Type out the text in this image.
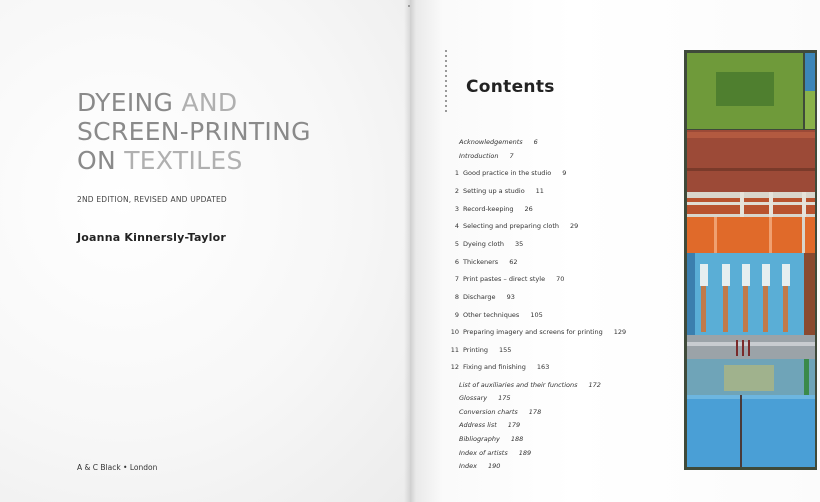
DYEING AND
SCREEN-PRINTING
ON TEXTILES
2ND EDITION, REVISED AND UPDATED
Joanna Kinnersly-Taylor
A & C Black • London
Contents
Acknowledgements 6
Introduction 7
1 Good practice in the studio 9
2 Setting up a studio 11
3 Record-keeping 26
4 Selecting and preparing cloth 29
5 Dyeing cloth 35
6 Thickeners 62
7 Print pastes – direct style 70
8 Discharge 93
9 Other techniques 105
10 Preparing imagery and screens for printing 129
11 Printing 155
12 Fixing and finishing 163
List of auxiliaries and their functions 172
Glossary 175
Conversion charts 178
Address list 179
Bibliography 188
Index of artists 189
Index 190
